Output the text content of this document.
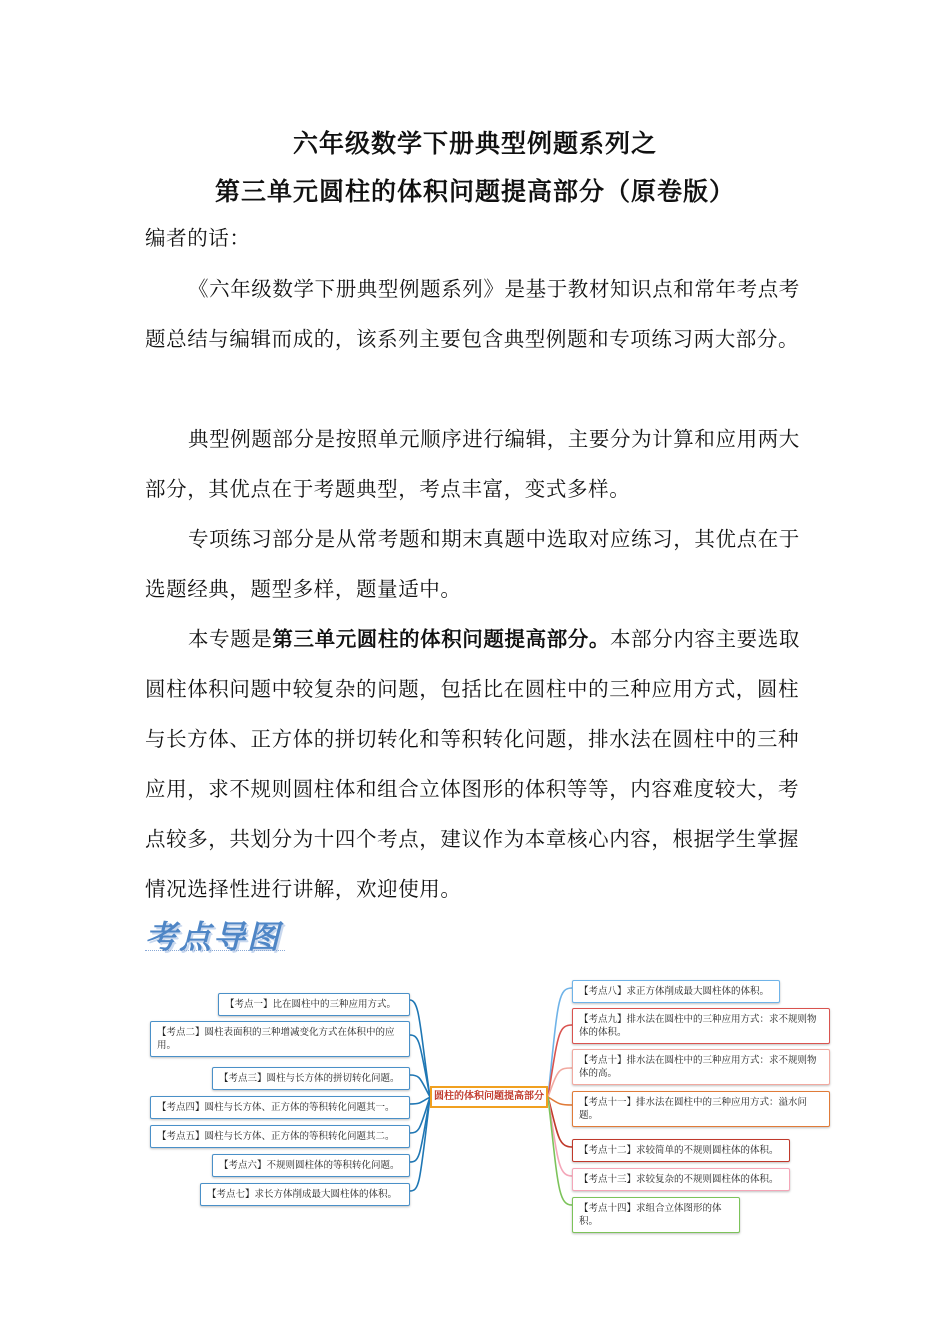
六年级数学下册典型例题系列之
第三单元圆柱的体积问题提高部分（原卷版）
编者的话：
《六年级数学下册典型例题系列》是基于教材知识点和常年考点考题总结与编辑而成的，该系列主要包含典型例题和专项练习两大部分。
典型例题部分是按照单元顺序进行编辑，主要分为计算和应用两大部分，其优点在于考题典型，考点丰富，变式多样。
专项练习部分是从常考题和期末真题中选取对应练习，其优点在于选题经典，题型多样，题量适中。
本专题是第三单元圆柱的体积问题提高部分。本部分内容主要选取圆柱体积问题中较复杂的问题，包括比在圆柱中的三种应用方式，圆柱与长方体、正方体的拼切转化和等积转化问题，排水法在圆柱中的三种应用，求不规则圆柱体和组合立体图形的体积等等，内容难度较大，考点较多，共划分为十四个考点，建议作为本章核心内容，根据学生掌握情况选择性进行讲解，欢迎使用。
考点导图
圆柱的体积问题提高部分
【考点一】比在圆柱中的三种应用方式。
【考点二】圆柱表面积的三种增减变化方式在体积中的应用。
【考点三】圆柱与长方体的拼切转化问题。
【考点四】圆柱与长方体、正方体的等积转化问题其一。
【考点五】圆柱与长方体、正方体的等积转化问题其二。
【考点六】不规则圆柱体的等积转化问题。
【考点七】求长方体削成最大圆柱体的体积。
【考点八】求正方体削成最大圆柱体的体积。
【考点九】排水法在圆柱中的三种应用方式：求不规则物体的体积。
【考点十】排水法在圆柱中的三种应用方式：求不规则物体的高。
【考点十一】排水法在圆柱中的三种应用方式：溢水问题。
【考点十二】求较简单的不规则圆柱体的体积。
【考点十三】求较复杂的不规则圆柱体的体积。
【考点十四】求组合立体图形的体积。
